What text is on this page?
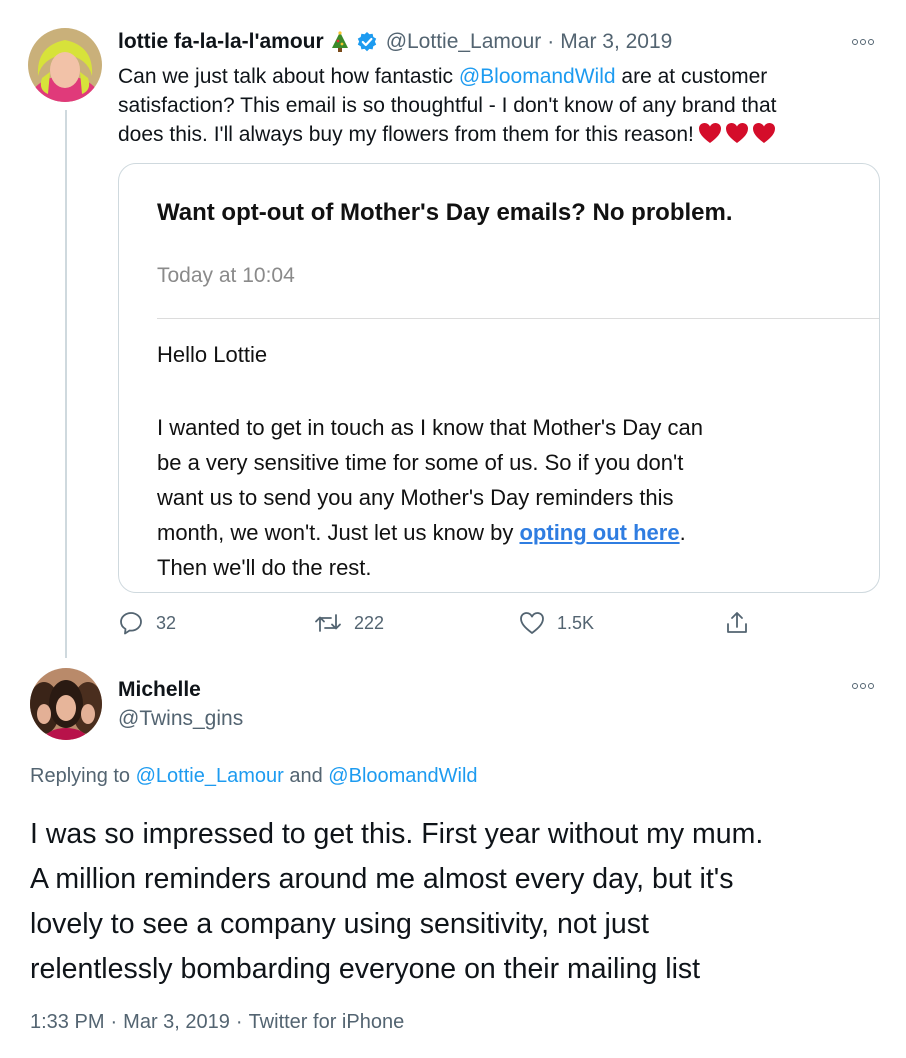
lottie fa-la-la-l'amour	@Lottie_Lamour · Mar 3, 2019

Can we just talk about how fantastic @BloomandWild are at customer

satisfaction? This email is so thoughtful - I don't know of any brand that

does this. I'll always buy my flowers from them for this reason!

Want opt-out of Mother's Day emails? No problem.
Today at 10:04
Hello Lottie

I wanted to get in touch as I know that Mother's Day can

be a very sensitive time for some of us. So if you don't

want us to send you any Mother's Day reminders this

month, we won't. Just let us know by opting out here.

Then we'll do the rest.

32	222	1.5K
Michelle
@Twins_gins
Replying to @Lottie_Lamour and @BloomandWild

I was so impressed to get this. First year without my mum.

A million reminders around me almost every day, but it's

lovely to see a company using sensitivity, not just

relentlessly bombarding everyone on their mailing list

1:33 PM · Mar 3, 2019 · Twitter for iPhone
